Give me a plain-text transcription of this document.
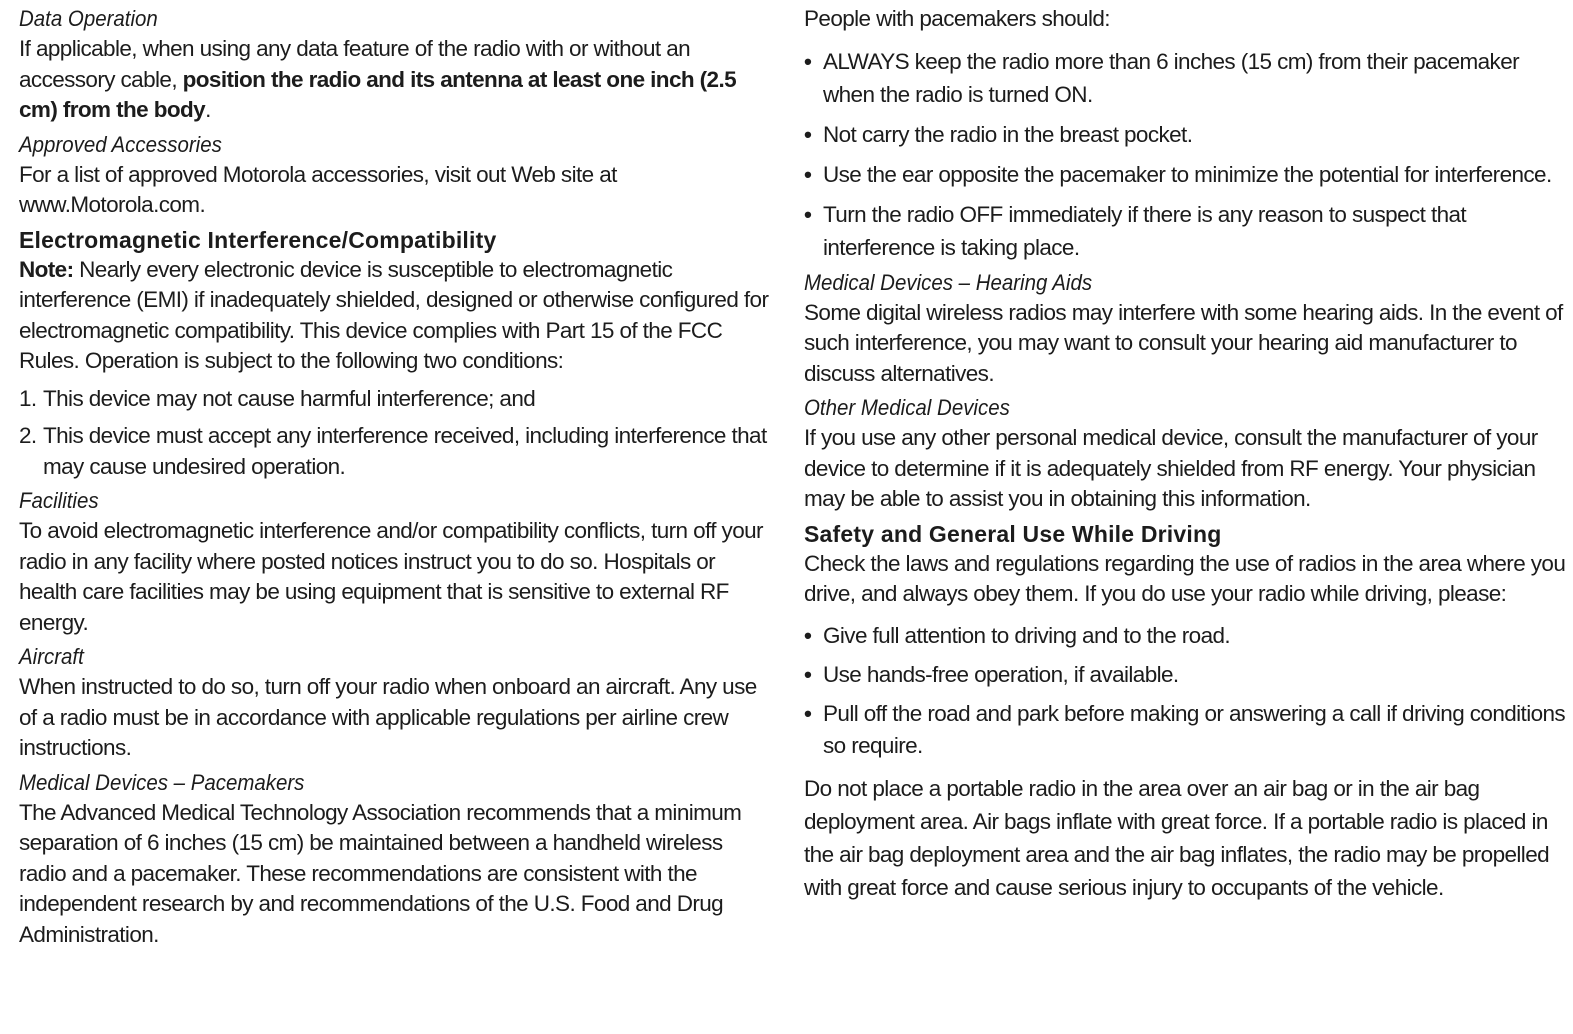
Data Operation

If applicable, when using any data feature of the radio with or without an accessory cable, position the radio and its antenna at least one inch (2.5 cm) from the body.

Approved Accessories

For a list of approved Motorola accessories, visit out Web site at www.Motorola.com.

Electromagnetic Interference/Compatibility

Note: Nearly every electronic device is susceptible to electromagnetic interference (EMI) if inadequately shielded, designed or otherwise configured for electromagnetic compatibility. This device complies with Part 15 of the FCC Rules. Operation is subject to the following two conditions:

1. This device may not cause harmful interference; and
2. This device must accept any interference received, including interference that may cause undesired operation.

Facilities

To avoid electromagnetic interference and/or compatibility conflicts, turn off your radio in any facility where posted notices instruct you to do so. Hospitals or health care facilities may be using equipment that is sensitive to external RF energy.

Aircraft

When instructed to do so, turn off your radio when onboard an aircraft. Any use of a radio must be in accordance with applicable regulations per airline crew instructions.

Medical Devices – Pacemakers

The Advanced Medical Technology Association recommends that a minimum separation of 6 inches (15 cm) be maintained between a handheld wireless radio and a pacemaker. These recommendations are consistent with the independent research by and recommendations of the U.S. Food and Drug Administration.

People with pacemakers should:

• ALWAYS keep the radio more than 6 inches (15 cm) from their pacemaker when the radio is turned ON.
• Not carry the radio in the breast pocket.
• Use the ear opposite the pacemaker to minimize the potential for interference.
• Turn the radio OFF immediately if there is any reason to suspect that interference is taking place.

Medical Devices – Hearing Aids

Some digital wireless radios may interfere with some hearing aids. In the event of such interference, you may want to consult your hearing aid manufacturer to discuss alternatives.

Other Medical Devices

If you use any other personal medical device, consult the manufacturer of your device to determine if it is adequately shielded from RF energy. Your physician may be able to assist you in obtaining this information.

Safety and General Use While Driving

Check the laws and regulations regarding the use of radios in the area where you drive, and always obey them. If you do use your radio while driving, please:

• Give full attention to driving and to the road.
• Use hands-free operation, if available.
• Pull off the road and park before making or answering a call if driving conditions so require.

Do not place a portable radio in the area over an air bag or in the air bag deployment area. Air bags inflate with great force. If a portable radio is placed in the air bag deployment area and the air bag inflates, the radio may be propelled with great force and cause serious injury to occupants of the vehicle.
